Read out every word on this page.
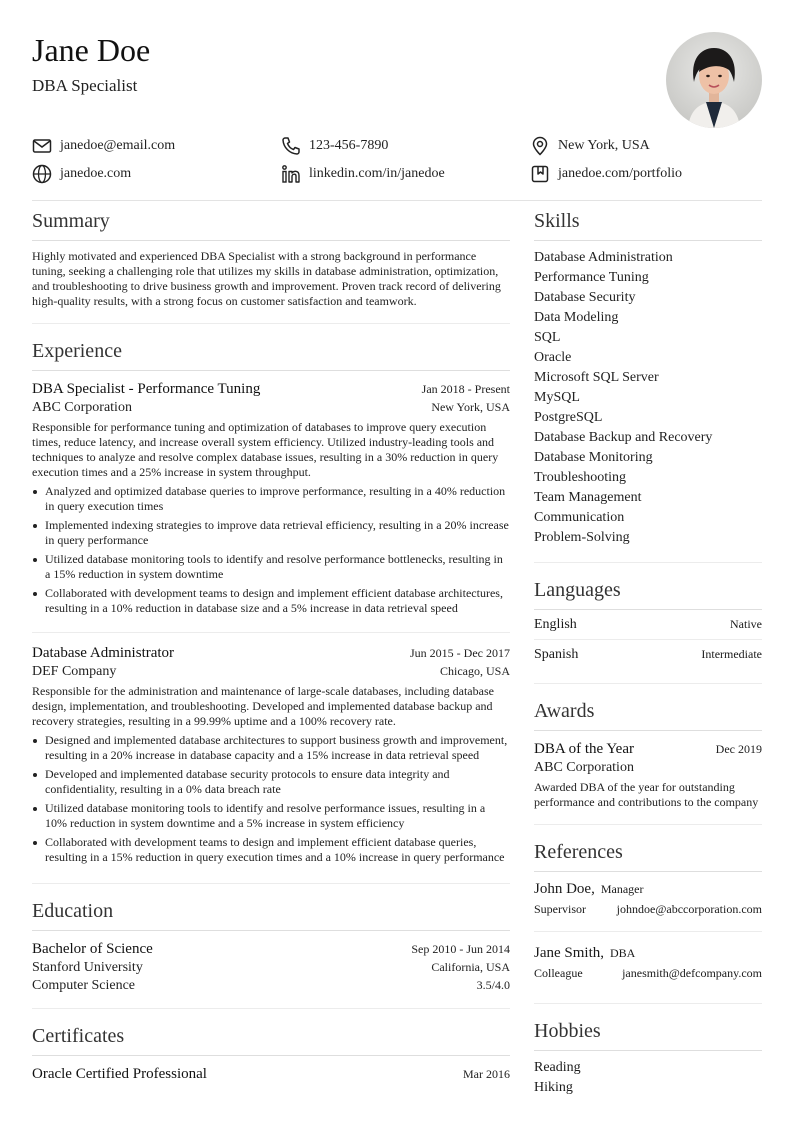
Jane Doe
DBA Specialist
janedoe@email.com	123-456-7890	New York, USA
janedoe.com	linkedin.com/in/janedoe	janedoe.com/portfolio
Summary

Highly motivated and experienced DBA Specialist with a strong background in performance tuning, seeking a challenging role that utilizes my skills in database administration, optimization, and troubleshooting to drive business growth and improvement. Proven track record of delivering high-quality results, with a strong focus on customer satisfaction and teamwork.

Experience
DBA Specialist - Performance Tuning	Jan 2018 - Present
ABC Corporation	New York, USA

Responsible for performance tuning and optimization of databases to improve query execution times, reduce latency, and increase overall system efficiency. Utilized industry-leading tools and techniques to analyze and resolve complex database issues, resulting in a 30% reduction in query execution times and a 25% increase in system throughput.

Analyzed and optimized database queries to improve performance, resulting in a 40% reduction in query execution times
Implemented indexing strategies to improve data retrieval efficiency, resulting in a 20% increase in query performance
Utilized database monitoring tools to identify and resolve performance bottlenecks, resulting in a 15% reduction in system downtime
Collaborated with development teams to design and implement efficient database architectures, resulting in a 10% reduction in database size and a 5% increase in data retrieval speed
Database Administrator	Jun 2015 - Dec 2017
DEF Company	Chicago, USA

Responsible for the administration and maintenance of large-scale databases, including database design, implementation, and troubleshooting. Developed and implemented database backup and recovery strategies, resulting in a 99.99% uptime and a 100% recovery rate.

Designed and implemented database architectures to support business growth and improvement, resulting in a 20% increase in database capacity and a 15% increase in data retrieval speed
Developed and implemented database security protocols to ensure data integrity and confidentiality, resulting in a 0% data breach rate
Utilized database monitoring tools to identify and resolve performance issues, resulting in a 10% reduction in system downtime and a 5% increase in system efficiency
Collaborated with development teams to design and implement efficient database queries, resulting in a 15% reduction in query execution times and a 10% increase in query performance
Education
Bachelor of Science	Sep 2010 - Jun 2014
Stanford University	California, USA
Computer Science	3.5/4.0
Certificates
Oracle Certified Professional	Mar 2016
Skills
Database Administration
Performance Tuning
Database Security
Data Modeling
SQL
Oracle
Microsoft SQL Server
MySQL
PostgreSQL
Database Backup and Recovery
Database Monitoring
Troubleshooting
Team Management
Communication
Problem-Solving
Languages
English	Native
Spanish	Intermediate
Awards
DBA of the Year	Dec 2019
ABC Corporation

Awarded DBA of the year for outstanding performance and contributions to the company

References
John Doe, Manager
Supervisor	johndoe@abccorporation.com
Jane Smith, DBA
Colleague	janesmith@defcompany.com
Hobbies
Reading
Hiking
